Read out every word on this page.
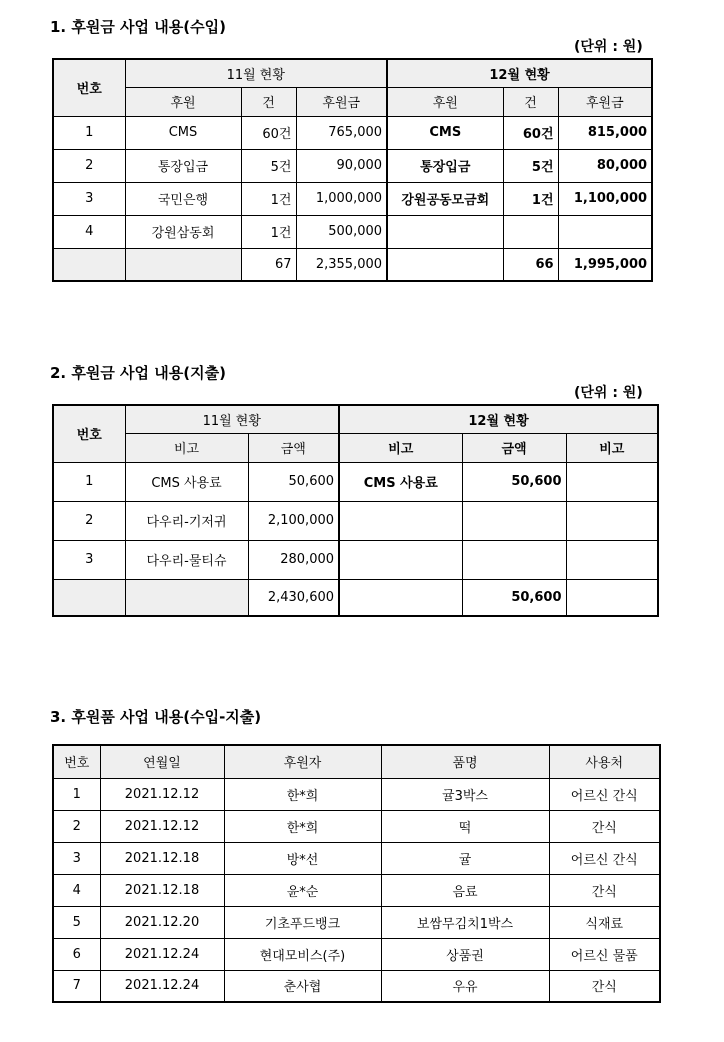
1. 후원금 사업 내용(수입)
(단위 : 원)
번호	11월 현황			12월 현황		
	후원	건	후원금	후원	건	후원금
1	CMS	60건	765,000	CMS	60건	815,000
2	통장입금	5건	90,000	통장입금	5건	80,000
3	국민은행	1건	1,000,000	강원공동모금회	1건	1,100,000
4	강원삼동회	1건	500,000			
		67	2,355,000		66	1,995,000
2. 후원금 사업 내용(지출)
(단위 : 원)
번호	11월 현황		12월 현황		
	비고	금액	비고	금액	비고
1	CMS 사용료	50,600	CMS 사용료	50,600	
2	다우리-기저귀	2,100,000			
3	다우리-물티슈	280,000			
		2,430,600		50,600	
3. 후원품 사업 내용(수입-지출)
번호	연월일	후원자	품명	사용처
1	2021.12.12	한*희	귤3박스	어르신 간식
2	2021.12.12	한*희	떡	간식
3	2021.12.18	방*선	귤	어르신 간식
4	2021.12.18	윤*순	음료	간식
5	2021.12.20	기초푸드뱅크	보쌈무김치1박스	식재료
6	2021.12.24	현대모비스(주)	상품권	어르신 물품
7	2021.12.24	춘사협	우유	간식
